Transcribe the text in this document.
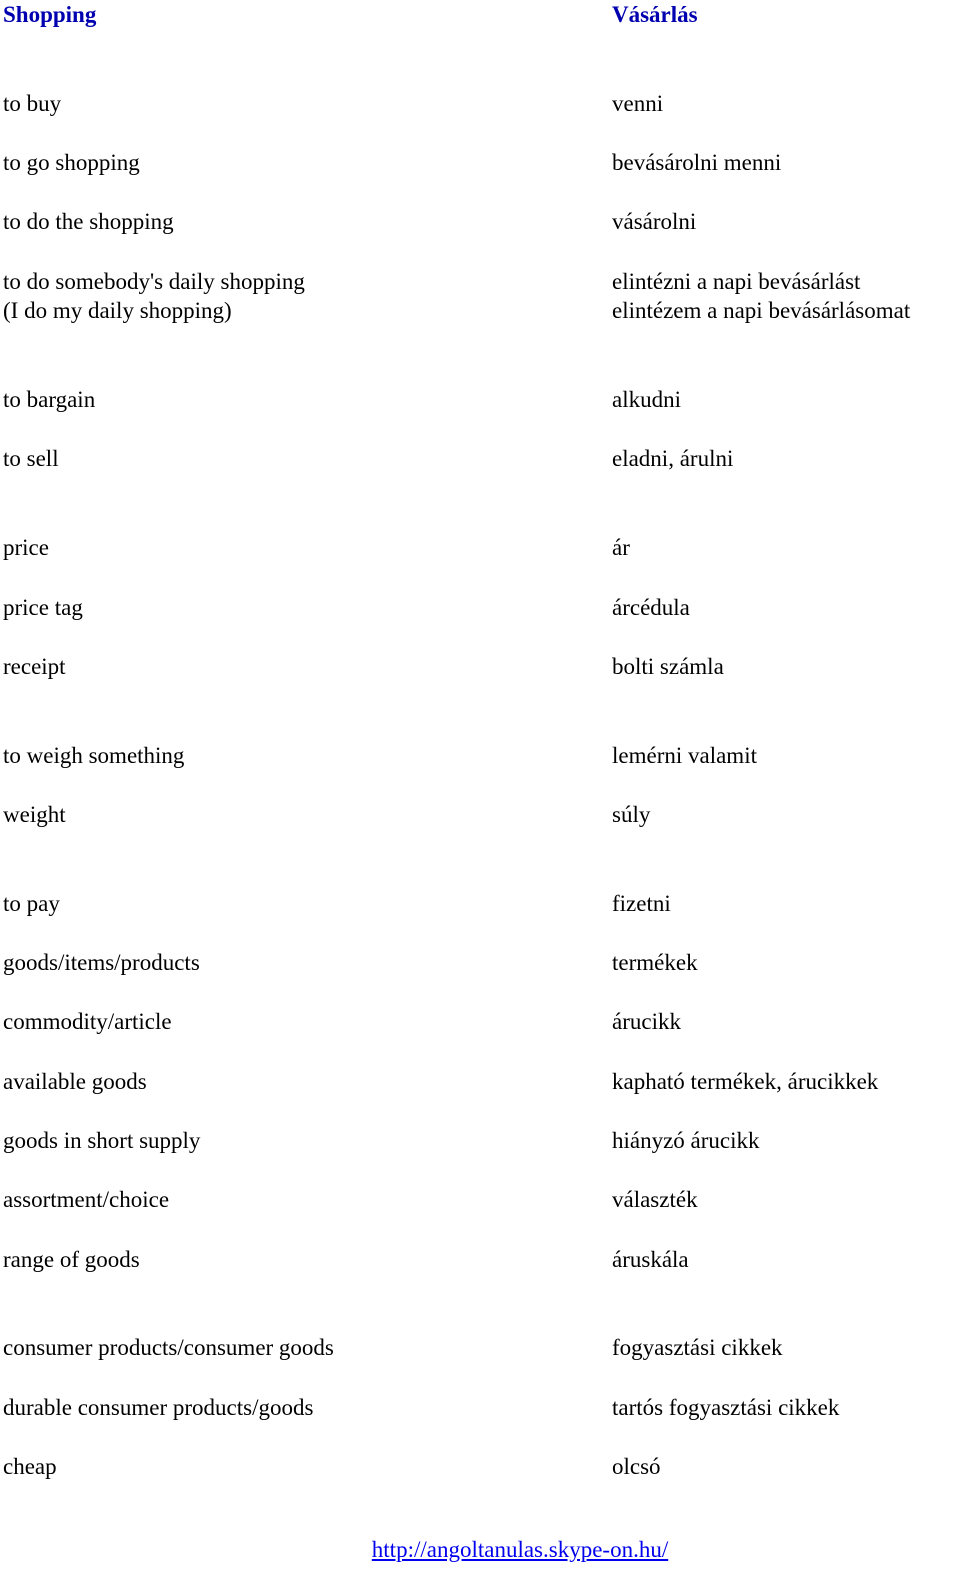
Shopping	Vásárlás
to buy	venni
to go shopping	bevásárolni menni
to do the shopping	vásárolni
to do somebody's daily shopping	elintézni a napi bevásárlást
(I do my daily shopping)	elintézem a napi bevásárlásomat
to bargain	alkudni
to sell	eladni, árulni
price	ár
price tag	árcédula
receipt	bolti számla
to weigh something	lemérni valamit
weight	súly
to pay	fizetni
goods/items/products	termékek
commodity/article	árucikk
available goods	kapható termékek, árucikkek
goods in short supply	hiányzó árucikk
assortment/choice	választék
range of goods	áruskála
consumer products/consumer goods	fogyasztási cikkek
durable consumer products/goods	tartós fogyasztási cikkek
cheap	olcsó
http://angoltanulas.skype-on.hu/
